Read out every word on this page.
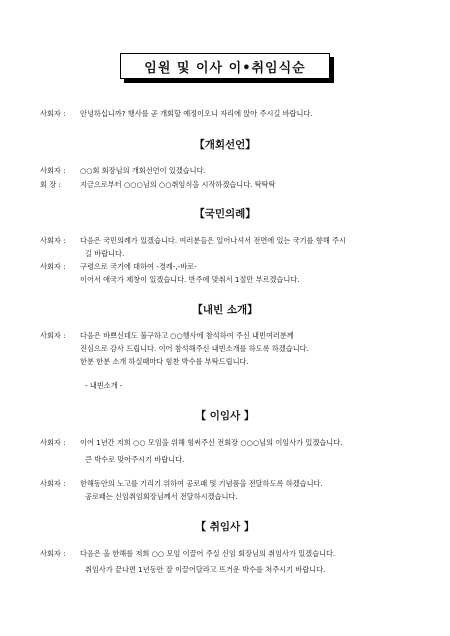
임원 및 이사 이•취임식순
사회자 : 안녕하십니까? 행사를 곧 개회할 예정이오니 자리에 앉아 주시길 바랍니다.
【개회선언】
사회자 : ○○회 회장님의 개회선언이 있겠습니다.
회 장 :	지금으로부터 ○○○님의 ○○취임식을 시작하겠습니다. 탁탁탁
【국민의례】
사회자 : 다음은 국민의례가 있겠습니다. 여러분들은 일어나셔서 전면에 있는 국기를 향해 주시
길 바랍니다.
사회자 : 구령으로 국기에 대하여 -경례-,-바로-
이어서 애국가 제창이 있겠습니다. 반주에 맞춰서 1절만 부르겠습니다.
【내빈 소개】
사회자 : 다음은 바쁘신데도 불구하고 ○○행사에 참석하여 주신 내빈여러분께
진심으로 감사 드립니다. 이어 참석해주신 내빈소개를 하도록 하겠습니다.
한분 한분 소개 하실때마다 힘찬 박수를 부탁드립니다.
- 내빈소개 -
【 이임사 】
사회자 : 이어 1년간 저희 ○○ 모임을 위해 힘써주신 전회장 ○○○님의 이임사가 있겠습니다.
큰 박수로 맞아주시기 바랍니다.
사회자 : 한해동안의 노고를 기리기 위하여 공로패 및 기념품을 전달하도록 하겠습니다.
공로패는 신임취임회장님께서 전달하시겠습니다.
【 취임사 】
사회자 : 다음은 올 한해를 저희 ○○ 모임 이끌어 주실 신임 회장님의 취임사가 있겠습니다.
취임사가 끝나면 1년동안 잘 이끌어달라고 뜨거운 박수를 쳐주시기 바랍니다.
